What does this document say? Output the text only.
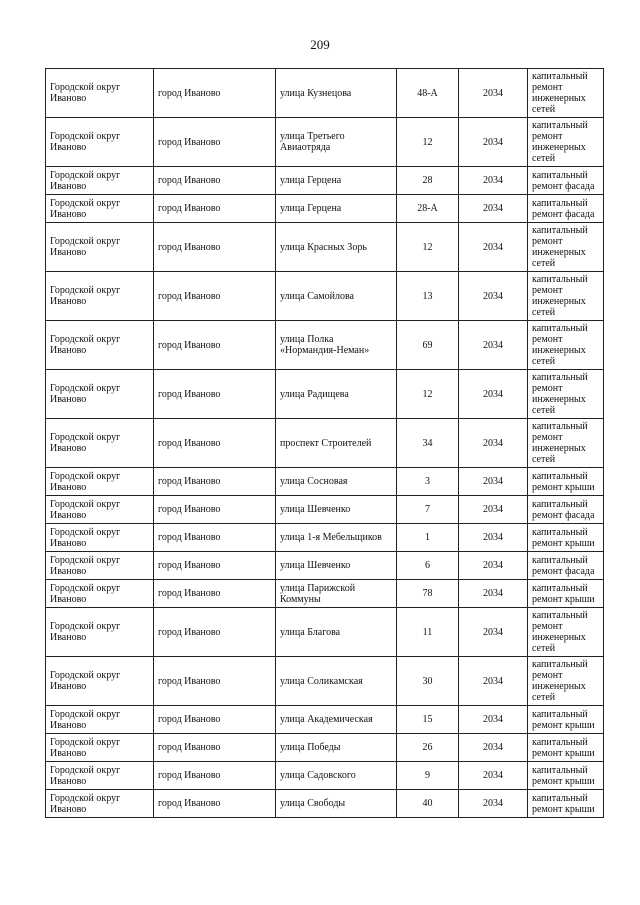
209
Городской округ Иваново	город Иваново	улица Кузнецова	48-А	2034	капитальный ремонт инженерных сетей
Городской округ Иваново	город Иваново	улица Третьего Авиаотряда	12	2034	капитальный ремонт инженерных сетей
Городской округ Иваново	город Иваново	улица Герцена	28	2034	капитальный ремонт фасада
Городской округ Иваново	город Иваново	улица Герцена	28-А	2034	капитальный ремонт фасада
Городской округ Иваново	город Иваново	улица Красных Зорь	12	2034	капитальный ремонт инженерных сетей
Городской округ Иваново	город Иваново	улица Самойлова	13	2034	капитальный ремонт инженерных сетей
Городской округ Иваново	город Иваново	улица Полка «Нормандия-Неман»	69	2034	капитальный ремонт инженерных сетей
Городской округ Иваново	город Иваново	улица Радищева	12	2034	капитальный ремонт инженерных сетей
Городской округ Иваново	город Иваново	проспект Строителей	34	2034	капитальный ремонт инженерных сетей
Городской округ Иваново	город Иваново	улица Сосновая	3	2034	капитальный ремонт крыши
Городской округ Иваново	город Иваново	улица Шевченко	7	2034	капитальный ремонт фасада
Городской округ Иваново	город Иваново	улица 1-я Мебельщиков	1	2034	капитальный ремонт крыши
Городской округ Иваново	город Иваново	улица Шевченко	6	2034	капитальный ремонт фасада
Городской округ Иваново	город Иваново	улица Парижской Коммуны	78	2034	капитальный ремонт крыши
Городской округ Иваново	город Иваново	улица Благова	11	2034	капитальный ремонт инженерных сетей
Городской округ Иваново	город Иваново	улица Соликамская	30	2034	капитальный ремонт инженерных сетей
Городской округ Иваново	город Иваново	улица Академическая	15	2034	капитальный ремонт крыши
Городской округ Иваново	город Иваново	улица Победы	26	2034	капитальный ремонт крыши
Городской округ Иваново	город Иваново	улица Садовского	9	2034	капитальный ремонт крыши
Городской округ Иваново	город Иваново	улица Свободы	40	2034	капитальный ремонт крыши
